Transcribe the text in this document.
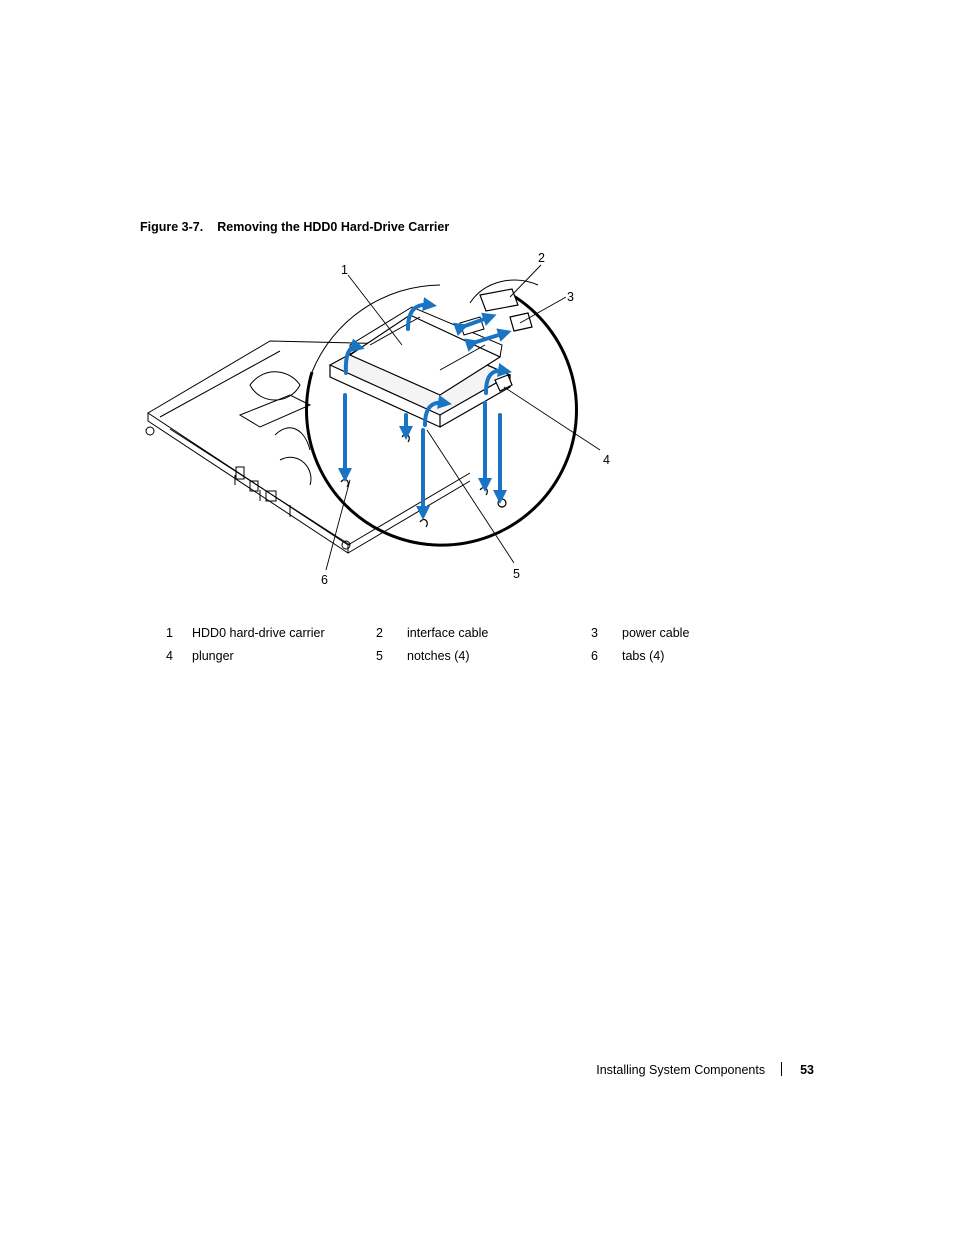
Figure 3-7. Removing the HDD0 Hard-Drive Carrier
1
2
3
4
5
6
1 HDD0 hard-drive carrier	2 interface cable	3 power cable
4 plunger	5 notches (4)	6 tabs (4)
Installing System Components	53
